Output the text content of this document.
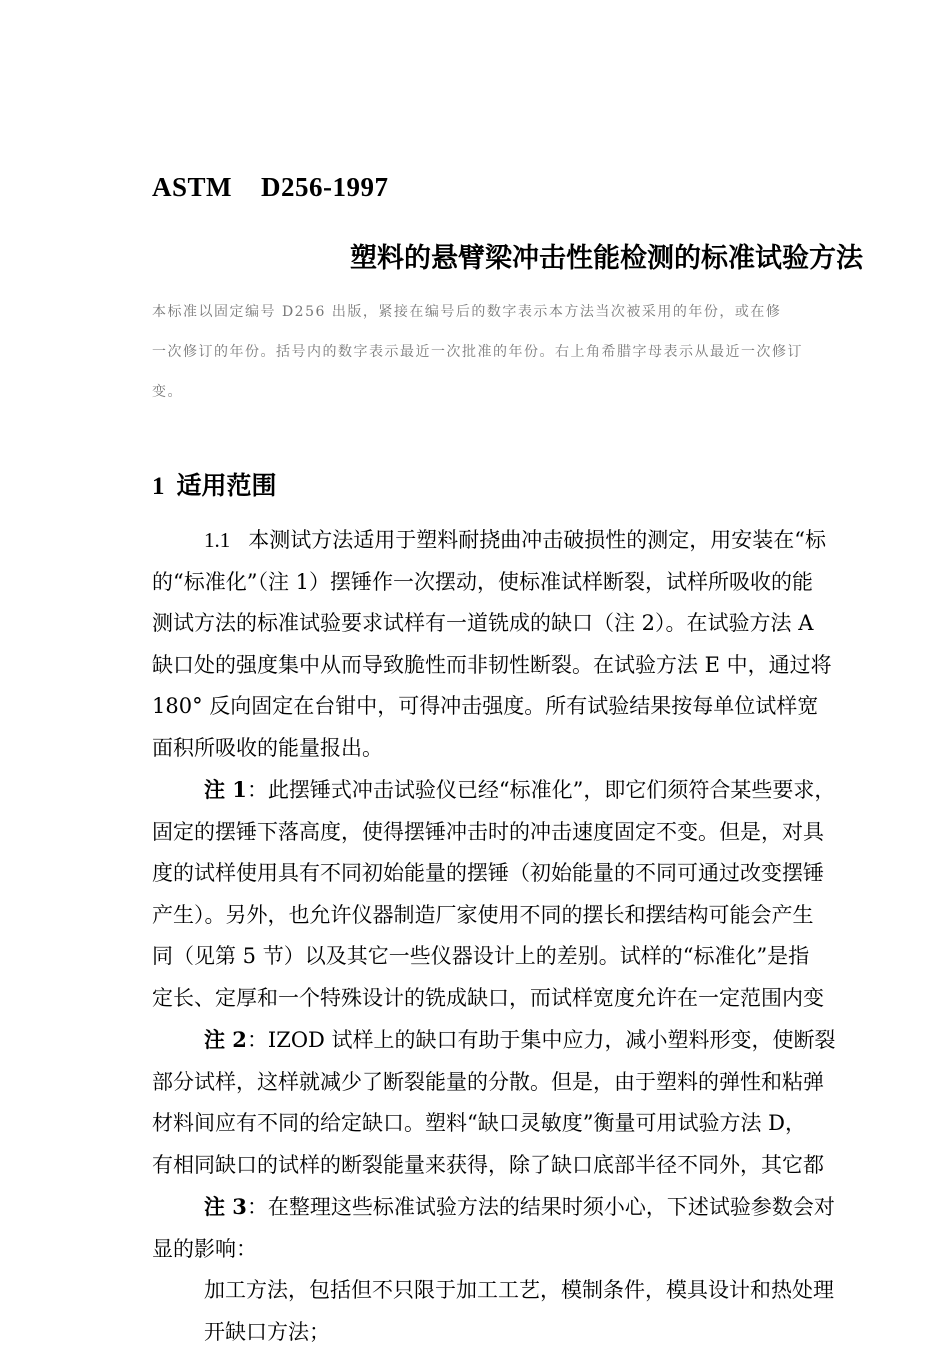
ASTM    D256-1997
塑料的悬臂梁冲击性能检测的标准试验方法

本标准以固定编号 D256 出版，紧接在编号后的数字表示本方法当次被采用的年份，或在修

一次修订的年份。括号内的数字表示最近一次批准的年份。右上角希腊字母表示从最近一次修订

变。

1 适用范围

1.1 本测试方法适用于塑料耐挠曲冲击破损性的测定，用安装在“标

的“标准化”（注 1）摆锤作一次摆动，使标准试样断裂，试样所吸收的能

测试方法的标准试验要求试样有一道铣成的缺口（注 2）。在试验方法 A

缺口处的强度集中从而导致脆性而非韧性断裂。在试验方法 E 中，通过将

180° 反向固定在台钳中，可得冲击强度。所有试验结果按每单位试样宽

面积所吸收的能量报出。

注 1：此摆锤式冲击试验仪已经“标准化”，即它们须符合某些要求，

固定的摆锤下落高度，使得摆锤冲击时的冲击速度固定不变。但是，对具

度的试样使用具有不同初始能量的摆锤（初始能量的不同可通过改变摆锤

产生）。另外，也允许仪器制造厂家使用不同的摆长和摆结构可能会产生

同（见第 5 节）以及其它一些仪器设计上的差别。试样的“标准化”是指

定长、定厚和一个特殊设计的铣成缺口，而试样宽度允许在一定范围内变

注 2：IZOD 试样上的缺口有助于集中应力，减小塑料形变，使断裂

部分试样，这样就减少了断裂能量的分散。但是，由于塑料的弹性和粘弹

材料间应有不同的给定缺口。塑料“缺口灵敏度”衡量可用试验方法 D，

有相同缺口的试样的断裂能量来获得，除了缺口底部半径不同外，其它都

注 3：在整理这些标准试验方法的结果时须小心，下述试验参数会对

显的影响：

加工方法，包括但不只限于加工工艺，模制条件，模具设计和热处理

开缺口方法；
